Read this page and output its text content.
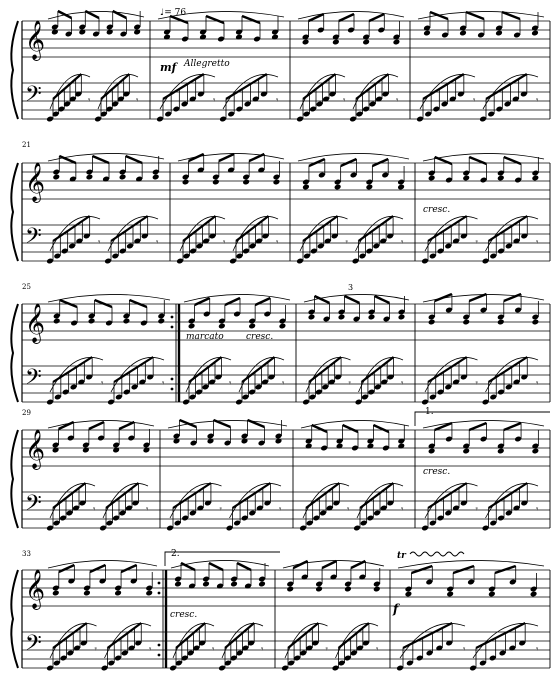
♩= 76
Allegretto
mf
21
cresc.
25
marcato cresc.
3
29	1.
cresc.
33	2.
cresc.	f
tr
𝄞
𝄢	𝄾	𝄾	𝄾	𝄾	𝄾	𝄾	𝄾	𝄾
𝄞
𝄢	𝄾	𝄾	𝄾	𝄾	𝄾	𝄾	𝄾	𝄾
𝄞
𝄢	𝄾	𝄾	𝄾	𝄾	𝄾	𝄾	𝄾	𝄾
𝄞
𝄢	𝄾	𝄾	𝄾	𝄾	𝄾	𝄾	𝄾	𝄾
𝄞
𝄢	𝄾	𝄾	𝄾	𝄾	𝄾	𝄾	𝄾	𝄾
